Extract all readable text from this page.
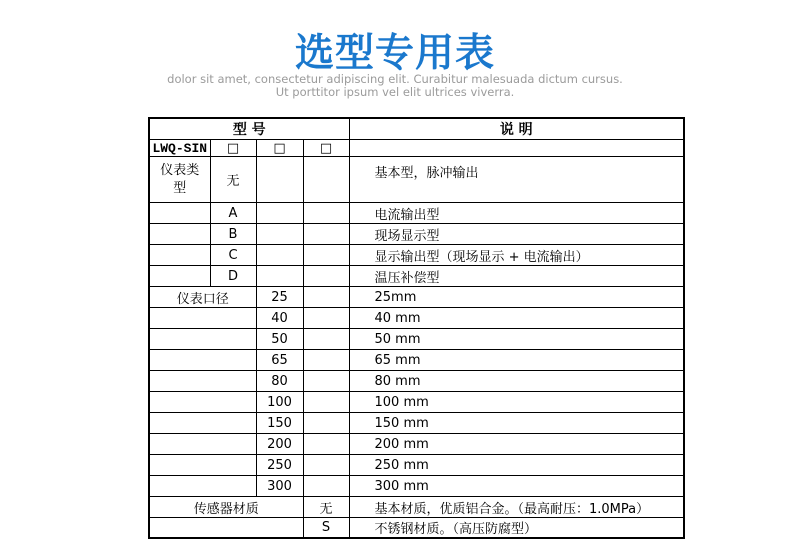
选型专用表

dolor sit amet, consectetur adipiscing elit. Curabitur malesuada dictum cursus.
Ut porttitor ipsum vel elit ultrices viverra.

型 号				说 明
LWQ-SIN	□	□	□	

仪表类
型	无			基本型，脉冲输出
	A			电流输出型
	B			现场显示型
	C			显示输出型（现场显示 + 电流输出）
	D			温压补偿型
仪表口径		25		25mm
		40		40 mm
		50		50 mm
		65		65 mm
		80		80 mm
		100		100 mm
		150		150 mm
		200		200 mm
		250		250 mm
		300		300 mm
传感器材质			无	基本材质，优质铝合金。（最高耐压：1.0MPa）
			S	不锈钢材质。（高压防腐型）
